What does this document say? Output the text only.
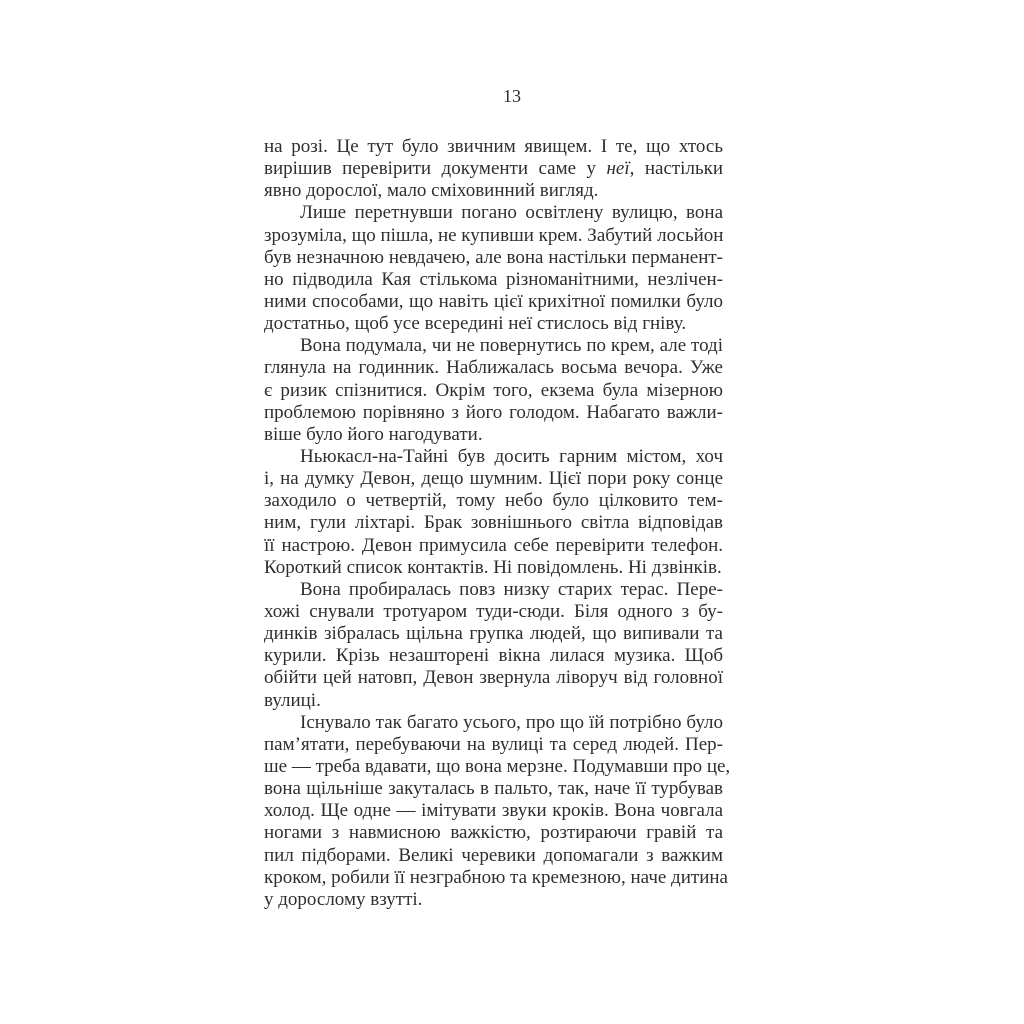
13
на розі. Це тут було звичним явищем. І те, що хтось
вирішив перевірити документи саме у неї, настільки
явно дорослої, мало сміховинний вигляд.
Лише перетнувши погано освітлену вулицю, вона
зрозуміла, що пішла, не купивши крем. Забутий лосьйон
був незначною невдачею, але вона настільки перманент-
но підводила Кая стількома різноманітними, незлічен-
ними способами, що навіть цієї крихітної помилки було
достатньо, щоб усе всередині неї стислось від гніву.
Вона подумала, чи не повернутись по крем, але тоді
глянула на годинник. Наближалась восьма вечора. Уже
є ризик спізнитися. Окрім того, екзема була мізерною
проблемою порівняно з його голодом. Набагато важли-
віше було його нагодувати.
Ньюкасл-на-Тайні був досить гарним містом, хоч
і, на думку Девон, дещо шумним. Цієї пори року сонце
заходило о четвертій, тому небо було цілковито тем-
ним, гули ліхтарі. Брак зовнішнього світла відповідав
її настрою. Девон примусила себе перевірити телефон.
Короткий список контактів. Ні повідомлень. Ні дзвінків.
Вона пробиралась повз низку старих терас. Пере-
хожі снували тротуаром туди-сюди. Біля одного з бу-
динків зібралась щільна групка людей, що випивали та
курили. Крізь незашторені вікна лилася музика. Щоб
обійти цей натовп, Девон звернула ліворуч від головної
вулиці.
Існувало так багато усього, про що їй потрібно було
пам’ятати, перебуваючи на вулиці та серед людей. Пер-
ше — треба вдавати, що вона мерзне. Подумавши про це,
вона щільніше закуталась в пальто, так, наче її турбував
холод. Ще одне — імітувати звуки кроків. Вона човгала
ногами з навмисною важкістю, розтираючи гравій та
пил підборами. Великі черевики допомагали з важким
кроком, робили її незграбною та кремезною, наче дитина
у дорослому взутті.
